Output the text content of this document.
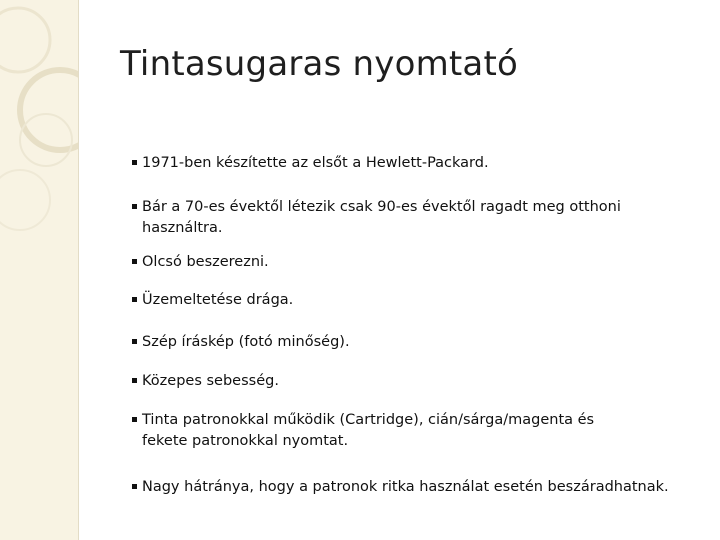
Tintasugaras nyomtató
1971-ben készítette az elsőt a Hewlett-Packard.
Bár a 70-es évektől létezik csak 90-es évektől ragadt meg otthoni használtra.
Olcsó beszerezni.
Üzemeltetése drága.
Szép íráskép (fotó minőség).
Közepes sebesség.
Tinta patronokkal működik (Cartridge), cián/sárga/magenta és fekete patronokkal nyomtat.
Nagy hátránya, hogy a patronok ritka használat esetén beszáradhatnak.
